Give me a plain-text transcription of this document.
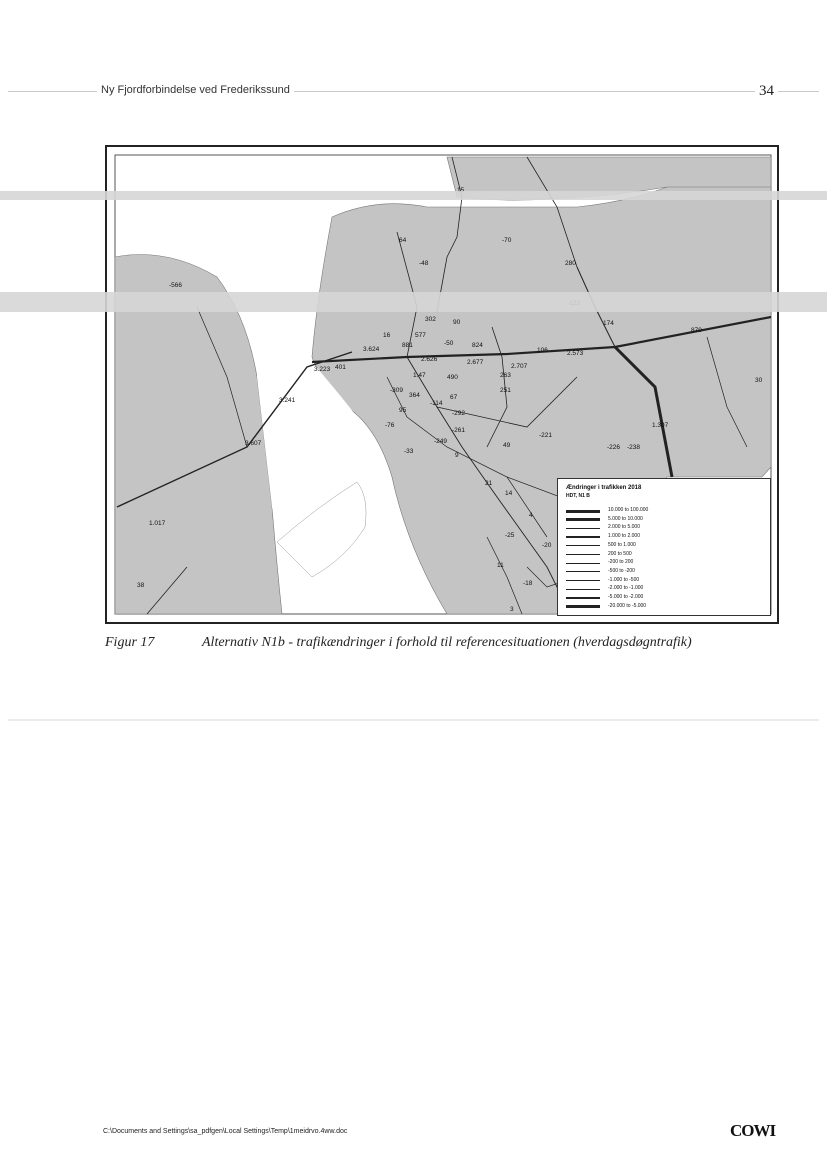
Ny Fjordforbindelse ved Frederikssund	34
-70
64
-48	280
-566
174
879
302	90
16
3.624
824
106	2.573
3.223 401
2.626	2.677
2.707
881
577
-50
1.47	490	263
251
30
3.241
-309
364
-114
67
95
-76
-292
-261
-221
-226 -238
1.307
-33
-249
49
9
3.607
21
14
1.017
-25
4
-20
11
-18
38
3
Ændringer i trafikken 2018
HDT, N1 B
10.000 to 100.000
5.000 to 10.000
2.000 to 5.000
1.000 to 2.000
500 to 1.000
200 to 500
-200 to 200
-500 to -200
-1.000 to -500
-2.000 to -1.000
-5.000 to -2.000
-20.000 to -5.000
Figur 17	Alternativ N1b - trafikændringer i forhold til referencesituationen (hverdagsdøgntrafik)
C:\Documents and Settings\sa_pdfgen\Local Settings\Temp\1meidrvo.4ww.doc	COWI
